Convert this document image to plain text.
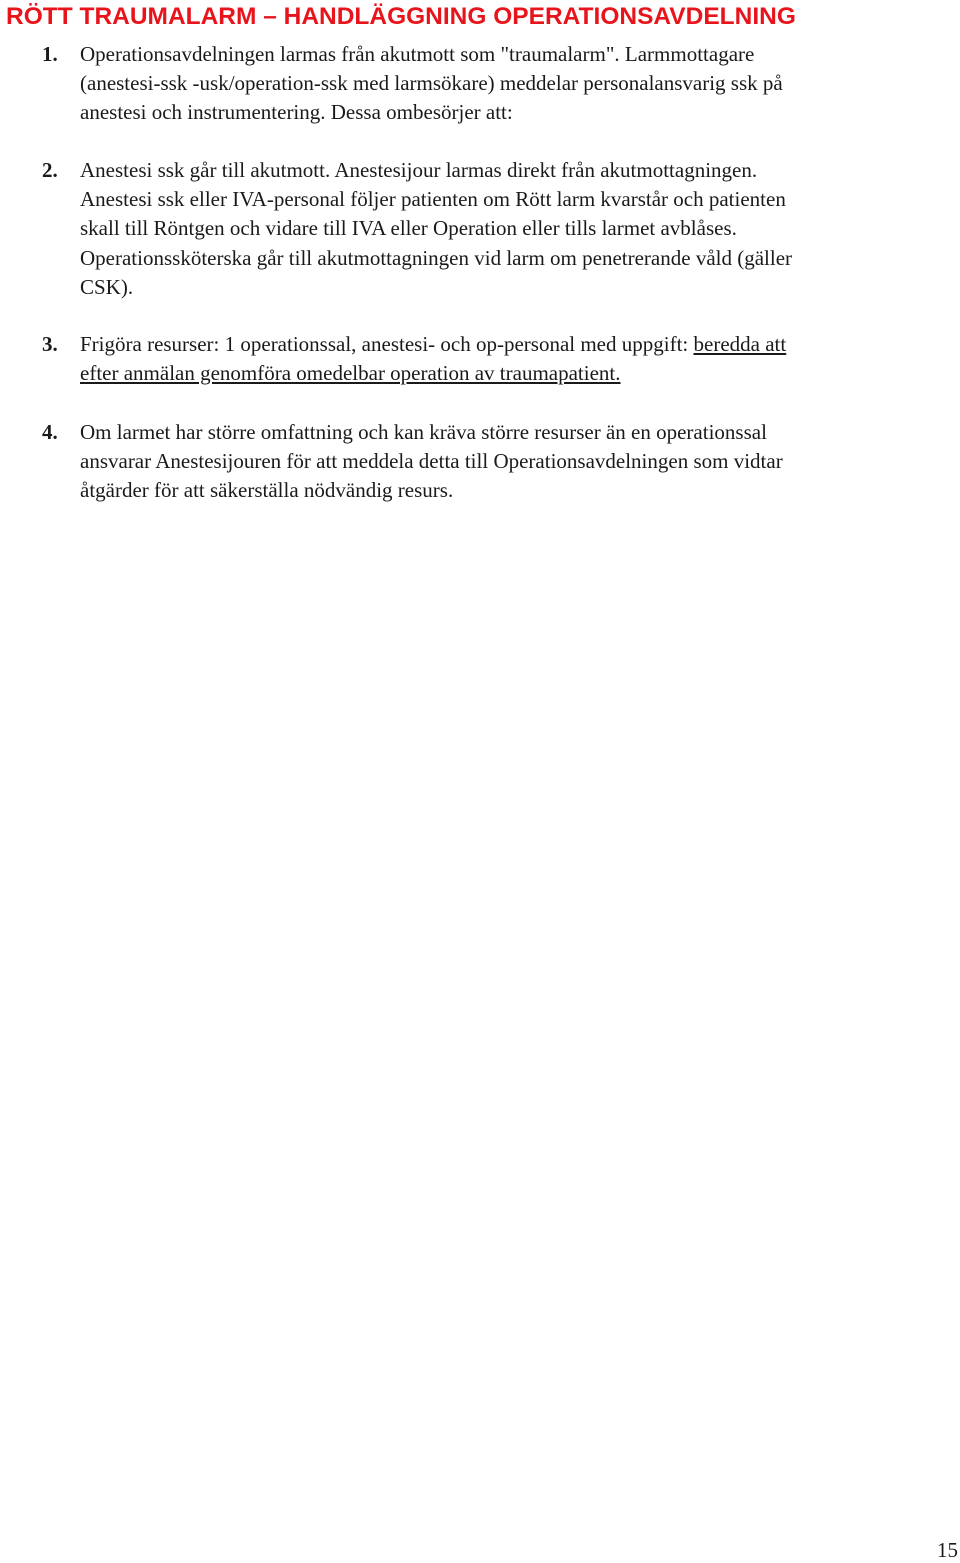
RÖTT TRAUMALARM – HANDLÄGGNING OPERATIONSAVDELNING
1. Operationsavdelningen larmas från akutmott som "traumalarm". Larmmottagare
(anestesi-ssk -usk/operation-ssk med larmsökare) meddelar personalansvarig ssk på
anestesi och instrumentering. Dessa ombesörjer att:

2. Anestesi ssk går till akutmott. Anestesijour larmas direkt från akutmottagningen.
Anestesi ssk eller IVA-personal följer patienten om Rött larm kvarstår och patienten
skall till Röntgen och vidare till IVA eller Operation eller tills larmet avblåses.
Operationssköterska går till akutmottagningen vid larm om penetrerande våld (gäller
CSK).

3. Frigöra resurser: 1 operationssal, anestesi- och op-personal med uppgift: beredda att
efter anmälan genomföra omedelbar operation av traumapatient.

4. Om larmet har större omfattning och kan kräva större resurser än en operationssal
ansvarar Anestesijouren för att meddela detta till Operationsavdelningen som vidtar
åtgärder för att säkerställa nödvändig resurs.

15
